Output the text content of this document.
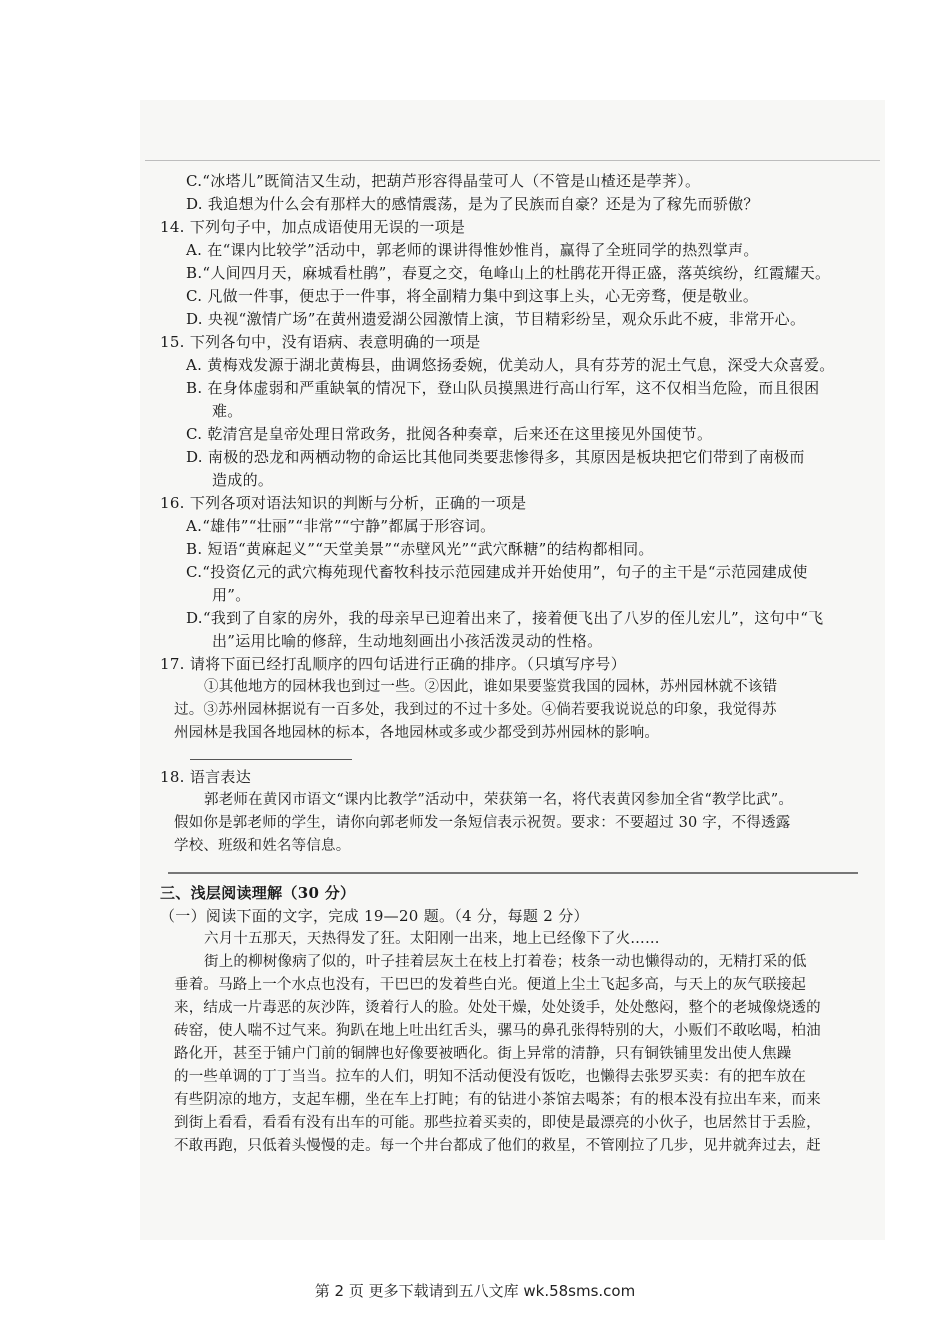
C.“冰塔儿”既简洁又生动，把葫芦形容得晶莹可人（不管是山楂还是荸荠）。
D. 我追想为什么会有那样大的感情震荡，是为了民族而自豪？还是为了稼先而骄傲？
14. 下列句子中，加点成语使用无误的一项是
A. 在“课内比较学”活动中，郭老师的课讲得惟妙惟肖，赢得了全班同学的热烈掌声。
B.“人间四月天，麻城看杜鹃”，春夏之交，龟峰山上的杜鹃花开得正盛，落英缤纷，红霞耀天。
C. 凡做一件事，便忠于一件事，将全副精力集中到这事上头，心无旁骛，便是敬业。
D. 央视“激情广场”在黄州遗爱湖公园激情上演，节目精彩纷呈，观众乐此不疲，非常开心。
15. 下列各句中，没有语病、表意明确的一项是
A. 黄梅戏发源于湖北黄梅县，曲调悠扬委婉，优美动人，具有芬芳的泥土气息，深受大众喜爱。
B. 在身体虚弱和严重缺氧的情况下，登山队员摸黑进行高山行军，这不仅相当危险，而且很困
难。
C. 乾清宫是皇帝处理日常政务，批阅各种奏章，后来还在这里接见外国使节。
D. 南极的恐龙和两栖动物的命运比其他同类要悲惨得多，其原因是板块把它们带到了南极而
造成的。
16. 下列各项对语法知识的判断与分析，正确的一项是
A.“雄伟”“壮丽”“非常”“宁静”都属于形容词。
B. 短语“黄麻起义”“天堂美景”“赤壁风光”“武穴酥糖”的结构都相同。
C.“投资亿元的武穴梅苑现代畜牧科技示范园建成并开始使用”，句子的主干是“示范园建成使
用”。
D.“我到了自家的房外，我的母亲早已迎着出来了，接着便飞出了八岁的侄儿宏儿”，这句中“飞
出”运用比喻的修辞，生动地刻画出小孩活泼灵动的性格。
17. 请将下面已经打乱顺序的四句话进行正确的排序。（只填写序号）
①其他地方的园林我也到过一些。②因此，谁如果要鉴赏我国的园林，苏州园林就不该错
过。③苏州园林据说有一百多处，我到过的不过十多处。④倘若要我说说总的印象，我觉得苏
州园林是我国各地园林的标本，各地园林或多或少都受到苏州园林的影响。
18. 语言表达
郭老师在黄冈市语文“课内比教学”活动中，荣获第一名，将代表黄冈参加全省“教学比武”。
假如你是郭老师的学生，请你向郭老师发一条短信表示祝贺。要求：不要超过 30 字，不得透露
学校、班级和姓名等信息。
三、浅层阅读理解（30 分）
（一）阅读下面的文字，完成 19—20 题。（4 分，每题 2 分）
六月十五那天，天热得发了狂。太阳刚一出来，地上已经像下了火……
街上的柳树像病了似的，叶子挂着层灰土在枝上打着卷；枝条一动也懒得动的，无精打采的低
垂着。马路上一个水点也没有，干巴巴的发着些白光。便道上尘土飞起多高，与天上的灰气联接起
来，结成一片毒恶的灰沙阵，烫着行人的脸。处处干燥，处处烫手，处处憋闷，整个的老城像烧透的
砖窑，使人喘不过气来。狗趴在地上吐出红舌头，骡马的鼻孔张得特别的大，小贩们不敢吆喝，柏油
路化开，甚至于铺户门前的铜牌也好像要被晒化。街上异常的清静，只有铜铁铺里发出使人焦躁
的一些单调的丁丁当当。拉车的人们，明知不活动便没有饭吃，也懒得去张罗买卖：有的把车放在
有些阴凉的地方，支起车棚，坐在车上打盹；有的钻进小茶馆去喝茶；有的根本没有拉出车来，而来
到街上看看，看看有没有出车的可能。那些拉着买卖的，即使是最漂亮的小伙子，也居然甘于丢脸，
不敢再跑，只低着头慢慢的走。每一个井台都成了他们的救星，不管刚拉了几步，见井就奔过去，赶
第 2 页 更多下载请到五八文库 wk.58sms.com
